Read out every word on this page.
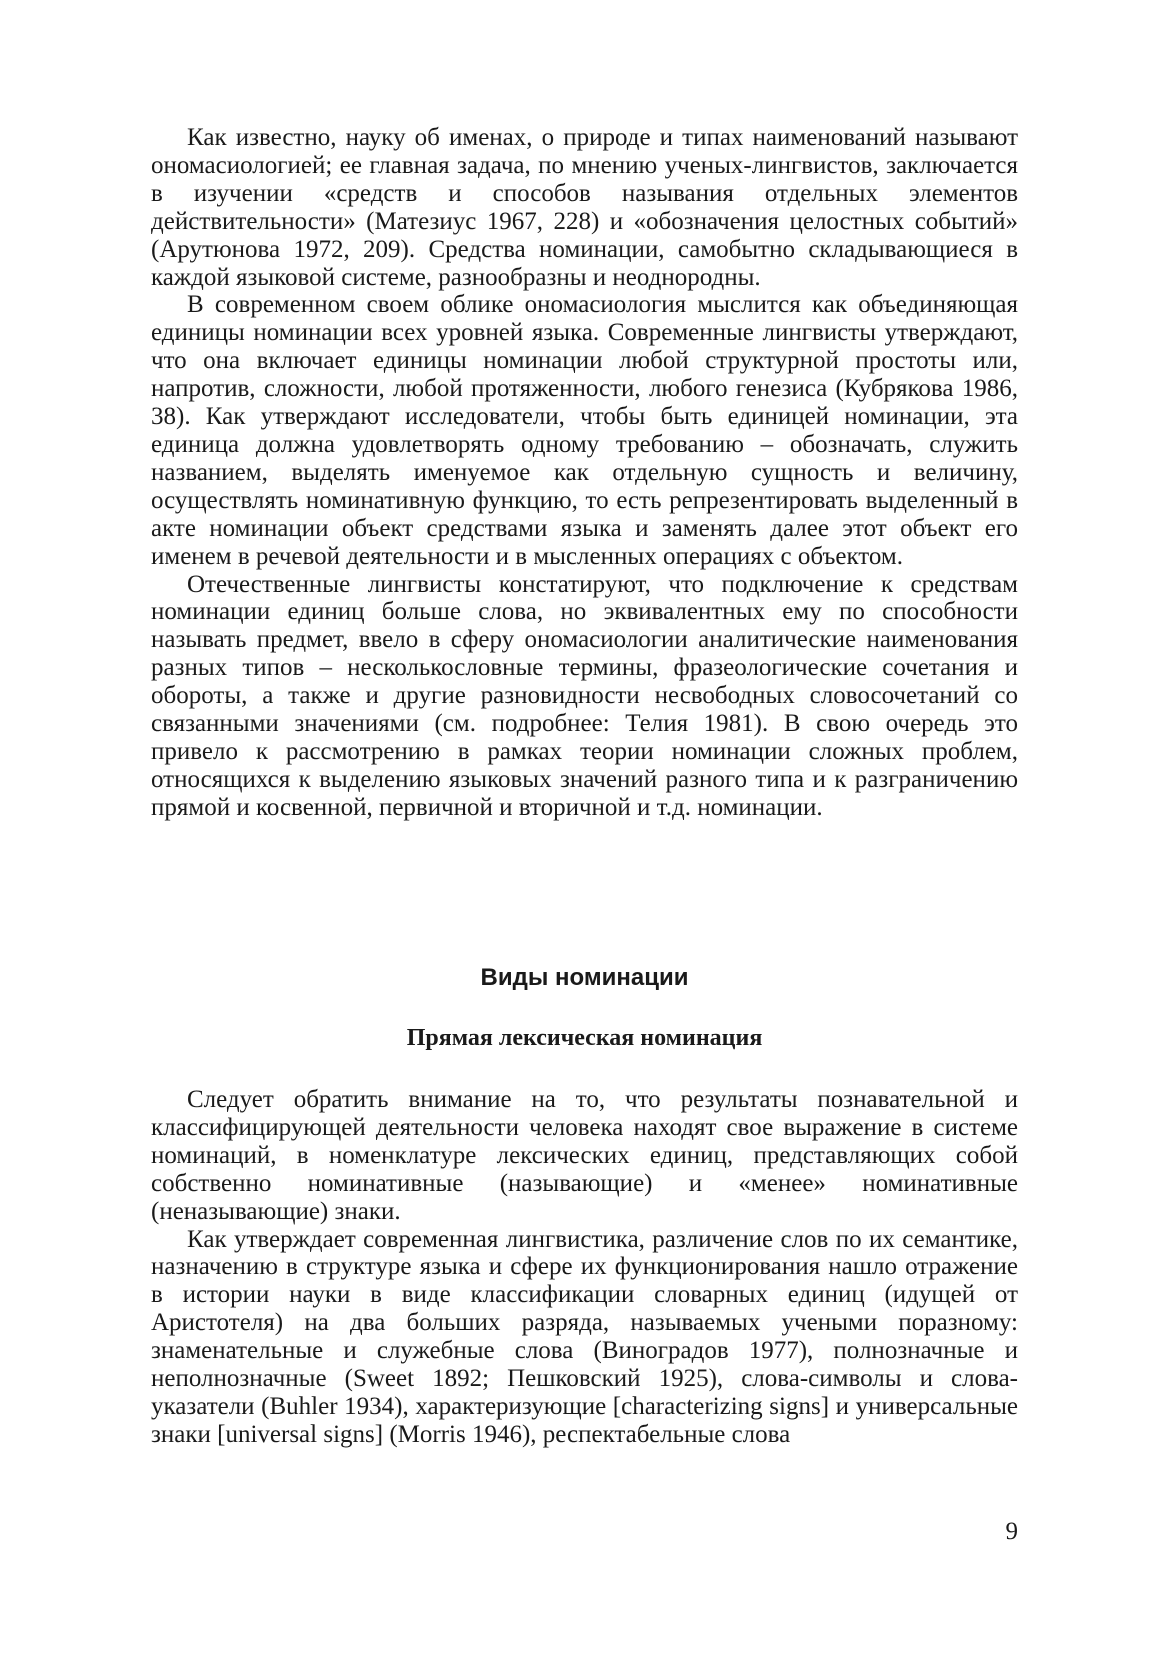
Как известно, науку об именах, о природе и типах наименований называют ономасиологией; ее главная задача, по мнению ученых-лингвистов, заключается в изучении «средств и способов называния отдельных элементов действительности» (Матезиус 1967, 228) и «обозначения целостных событий» (Арутюнова 1972, 209). Средства номинации, самобытно складывающиеся в каждой языковой системе, разнообразны и неоднородны.

В современном своем облике ономасиология мыслится как объединяющая единицы номинации всех уровней языка. Современные лингвисты утверждают, что она включает единицы номинации любой структурной простоты или, напротив, сложности, любой протяженности, любого генезиса (Кубрякова 1986, 38). Как утверждают исследователи, чтобы быть единицей номинации, эта единица должна удовлетворять одному требованию – обозначать, служить названием, выделять именуемое как отдельную сущность и величину, осуществлять номинативную функцию, то есть репрезентировать выделенный в акте номинации объект средствами языка и заменять далее этот объект его именем в речевой деятельности и в мысленных операциях с объектом.

Отечественные лингвисты констатируют, что подключение к средствам номинации единиц больше слова, но эквивалентных ему по способности называть предмет, ввело в сферу ономасиологии аналитические наименования разных типов – несколькословные термины, фразеологические сочетания и обороты, а также и другие разновидности несвободных словосочетаний со связанными значениями (см. подробнее: Телия 1981). В свою очередь это привело к рассмотрению в рамках теории номинации сложных проблем, относящихся к выделению языковых значений разного типа и к разграничению прямой и косвенной, первичной и вторичной и т.д. номинации.

Виды номинации
Прямая лексическая номинация

Следует обратить внимание на то, что результаты познавательной и классифицирующей деятельности человека находят свое выражение в системе номинаций, в номенклатуре лексических единиц, представляющих собой собственно номинативные (называющие) и «менее» номинативные (неназывающие) знаки.

Как утверждает современная лингвистика, различение слов по их семантике, назначению в структуре языка и сфере их функционирования нашло отражение в истории науки в виде классификации словарных единиц (идущей от Аристотеля) на два больших разряда, называемых учеными поразному: знаменательные и служебные слова (Виноградов 1977), полнозначные и неполнозначные (Sweet 1892; Пешковский 1925), слова-символы и слова-указатели (Buhler 1934), характеризующие [characterizing signs] и универсальные знаки [universal signs] (Morris 1946), респектабельные слова

9
